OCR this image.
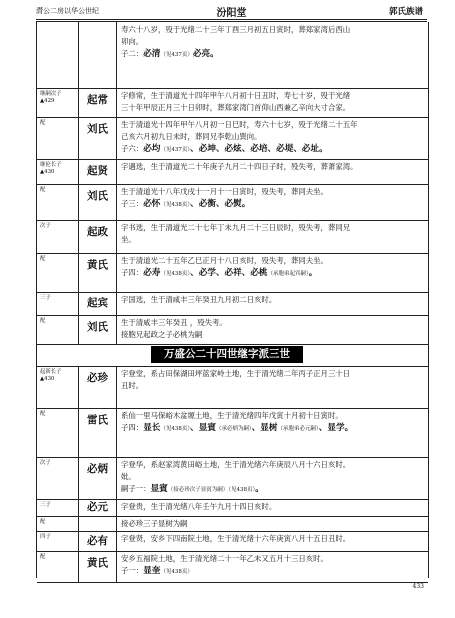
潸公二房以华公世纪	汾阳堂	郭氏族谱
寿六十八岁，殁于光绪二十三年丁酉三月初五日寅时，葬郑家湾后西山
卯向。
子二：必清（见437页）必亮。
继嗣次子
▲429	起常	字修常，生于清道光十四年甲午八月初十日丑时，寿七十岁，殁于光绪
三十年甲辰正月三十日卯时，葬郑家湾门首仰山西兼乙辛向大寸合家。
配	刘氏	生于清道光十四年甲午八月初一日巳时，寿六十七岁，殁于光绪二十五年
己亥六月初九日未时，葬同兄李乾山巽向。
子六：必均（见437页）、必坤、必炫、必培、必堤、必址。
继伦长子
▲430	起贤	字遇选，生于清道光二十年庚子九月二十四日子时，殁失考，葬萧家湾。
配	刘氏	生于清道光十八年戊戌十一月十一日寅时，殁失考，葬同夫坐。
子三：必怀（见438页）、必衡、必熨。
次子	起政	字书选，生于清道光二十七年丁未九月二十三日辰时，殁失考，葬同兄
坐。
配	黄氏	生于清道光二十五年乙巳正月十八日亥时，殁失考，葬同夫坐。
子四：必寿（见438页）、必学、必祥、必桃（承胞弟起宾嗣）。
三子	起宾	字国选，生于清咸丰三年癸丑九月初二日亥时。
配	刘氏	生于清咸丰三年癸丑 ，殁失考。
接胞兄起政之子必桃为嗣
万盛公二十四世继字派三世
起新长子
▲430	必珍	字登堂，系占田保湖田坪蓝家岭土地，生于清光绪二年丙子正月三十日
丑时。
配	雷氏	系仙一里马保峪木盆塬土地，生于清光绪四年戊寅十月初十日寅时。
子四：显长（见438页）、显賓（承必炳为嗣）、显树（承胞弟必元嗣）、显学。
次子	必炳	字登华，系赵家湾黄田峪土地，生于清光绪六年庚辰八月十六日亥时。
妣。
嗣子一：显賓（接必珍次子显賓为嗣）（见438页）。
三子	必元	字登贵，生于清光绪八年壬午九月十四日亥时。
配	接必珍三子显树为嗣
四子	必有	字登贤，安乡下四南院土地，生于清光绪十六年庚寅八月十五日丑时。
配	黄氏	安乡五福院土地，生于清光绪二十一年乙未又五月十三日亥时。
子一：显奎（见438页）
433
